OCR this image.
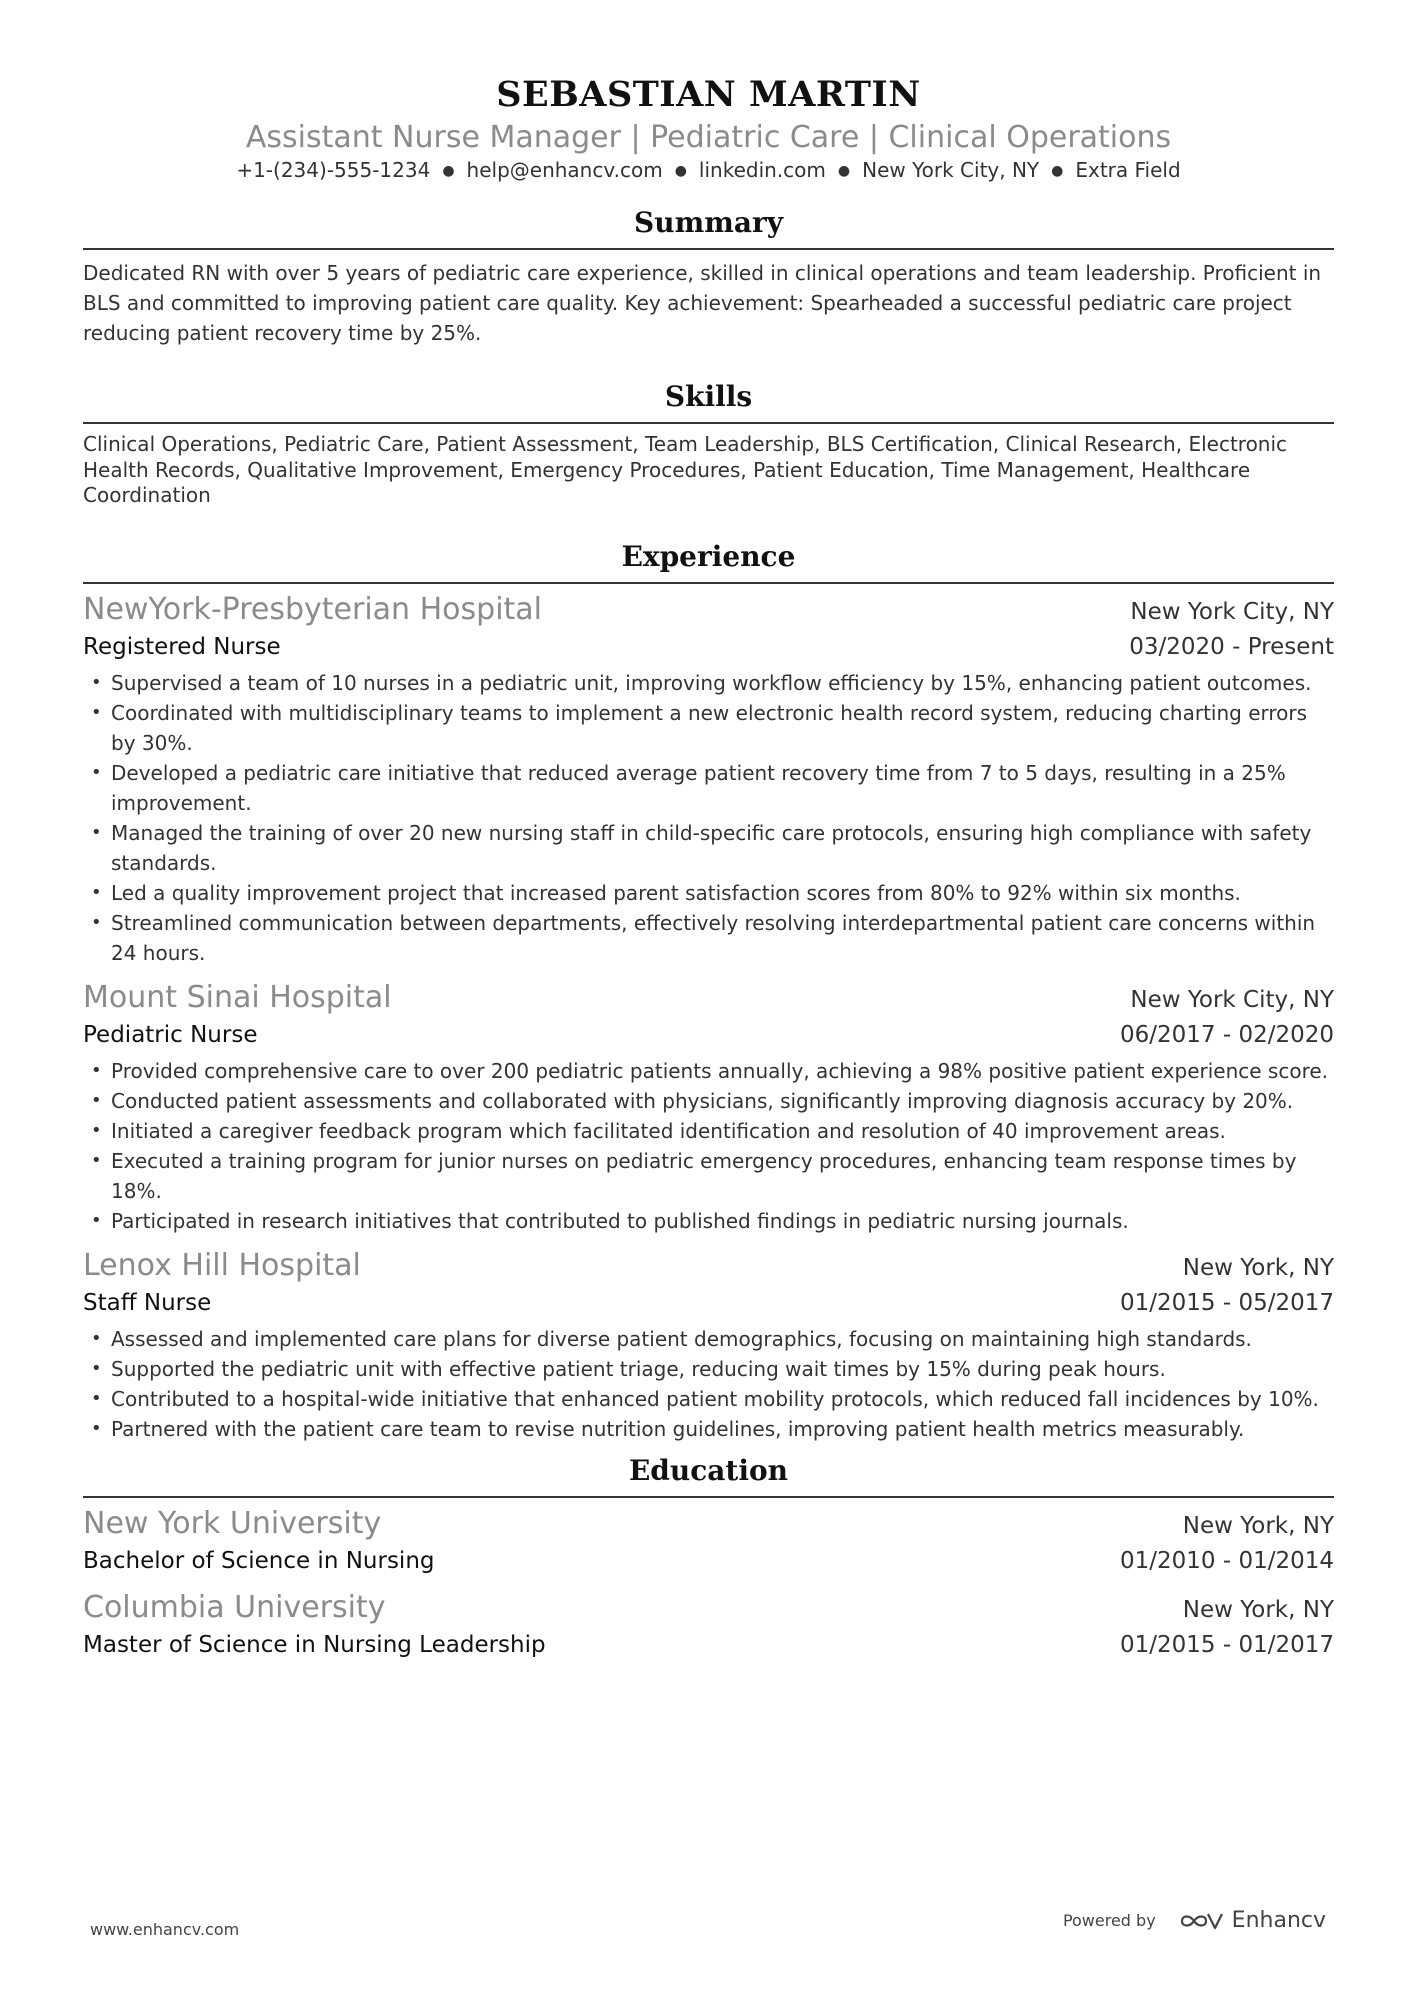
SEBASTIAN MARTIN
Assistant Nurse Manager | Pediatric Care | Clinical Operations
+1-(234)-555-1234 ● help@enhancv.com ● linkedin.com ● New York City, NY ● Extra Field
Summary
Dedicated RN with over 5 years of pediatric care experience, skilled in clinical operations and team leadership. Proficient in BLS and committed to improving patient care quality. Key achievement: Spearheaded a successful pediatric care project reducing patient recovery time by 25%.
Skills
Clinical Operations, Pediatric Care, Patient Assessment, Team Leadership, BLS Certification, Clinical Research, Electronic Health Records, Qualitative Improvement, Emergency Procedures, Patient Education, Time Management, Healthcare Coordination
Experience
NewYork-Presbyterian Hospital	New York City, NY
Registered Nurse	03/2020 - Present
• Supervised a team of 10 nurses in a pediatric unit, improving workflow efficiency by 15%, enhancing patient outcomes.
• Coordinated with multidisciplinary teams to implement a new electronic health record system, reducing charting errors by 30%.
• Developed a pediatric care initiative that reduced average patient recovery time from 7 to 5 days, resulting in a 25% improvement.
• Managed the training of over 20 new nursing staff in child-specific care protocols, ensuring high compliance with safety standards.
• Led a quality improvement project that increased parent satisfaction scores from 80% to 92% within six months.
• Streamlined communication between departments, effectively resolving interdepartmental patient care concerns within 24 hours.
Mount Sinai Hospital	New York City, NY
Pediatric Nurse	06/2017 - 02/2020
• Provided comprehensive care to over 200 pediatric patients annually, achieving a 98% positive patient experience score.
• Conducted patient assessments and collaborated with physicians, significantly improving diagnosis accuracy by 20%.
• Initiated a caregiver feedback program which facilitated identification and resolution of 40 improvement areas.
• Executed a training program for junior nurses on pediatric emergency procedures, enhancing team response times by 18%.
• Participated in research initiatives that contributed to published findings in pediatric nursing journals.
Lenox Hill Hospital	New York, NY
Staff Nurse	01/2015 - 05/2017
• Assessed and implemented care plans for diverse patient demographics, focusing on maintaining high standards.
• Supported the pediatric unit with effective patient triage, reducing wait times by 15% during peak hours.
• Contributed to a hospital-wide initiative that enhanced patient mobility protocols, which reduced fall incidences by 10%.
• Partnered with the patient care team to revise nutrition guidelines, improving patient health metrics measurably.
Education
New York University	New York, NY
Bachelor of Science in Nursing	01/2010 - 01/2014
Columbia University	New York, NY
Master of Science in Nursing Leadership	01/2015 - 01/2017
www.enhancv.com	Powered by	Enhancv
